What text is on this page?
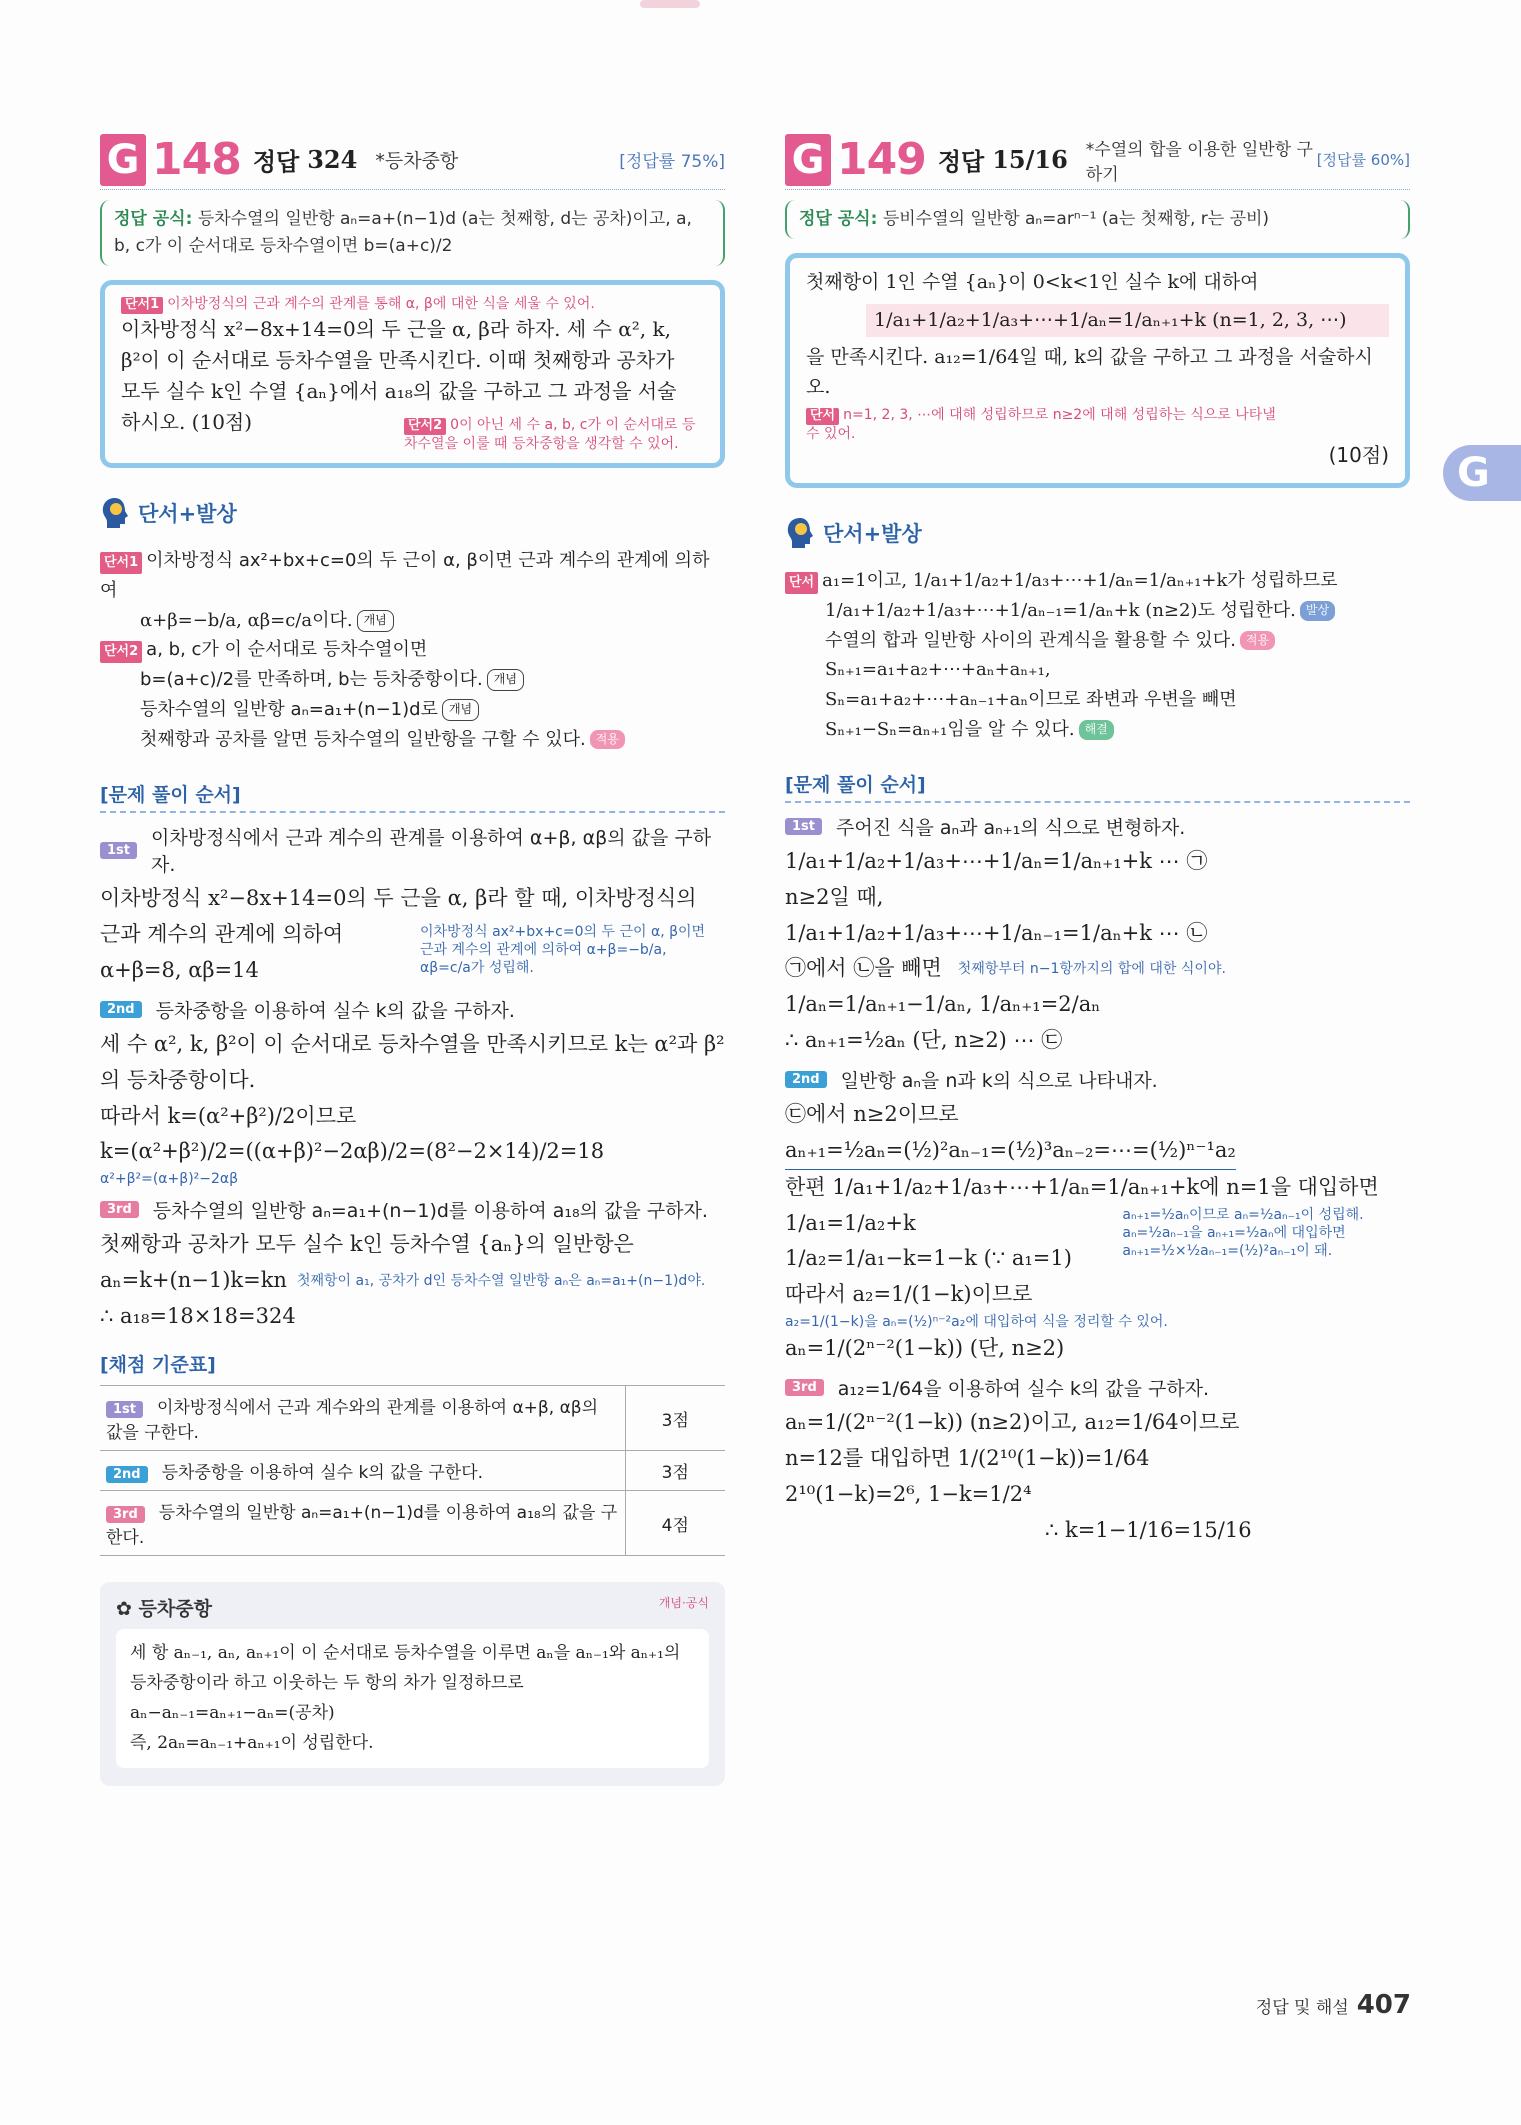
G 148 정답 324 *등차중항	[정답률 75%]
정답 공식: 등차수열의 일반항 aₙ=a+(n−1)d (a는 첫째항, d는 공차)이고, a, b, c가 이 순서대로 등차수열이면 b=(a+c)/2
단서1 이차방정식의 근과 계수의 관계를 통해 α, β에 대한 식을 세울 수 있어.
이차방정식 x²−8x+14=0의 두 근을 α, β라 하자. 세 수 α², k, β²이 이 순서대로 등차수열을 만족시킨다. 이때 첫째항과 공차가 모두 실수 k인 수열 {aₙ}에서 a₁₈의 값을 구하고 그 과정을 서술하시오. (10점)	단서2 0이 아닌 세 수 a, b, c가 이 순서대로 등차수열을 이룰 때 등차중항을 생각할 수 있어.
단서+발상
단서1 이차방정식 ax²+bx+c=0의 두 근이 α, β이면 근과 계수의 관계에 의하여
α+β=−b/a, αβ=c/a이다. 개념
단서2 a, b, c가 이 순서대로 등차수열이면
b=(a+c)/2를 만족하며, b는 등차중항이다. 개념
등차수열의 일반항 aₙ=a₁+(n−1)d로 개념
첫째항과 공차를 알면 등차수열의 일반항을 구할 수 있다. 적용
[문제 풀이 순서]
1st
이차방정식에서 근과 계수의 관계를 이용하여 α+β, αβ의 값을 구하자.
이차방정식 x²−8x+14=0의 두 근을 α, β라 할 때, 이차방정식의
근과 계수의 관계에 의하여
α+β=8, αβ=14
이차방정식 ax²+bx+c=0의 두 근이 α, β이면 근과 계수의 관계에 의하여 α+β=−b/a, αβ=c/a가 성립해.
2nd	등차중항을 이용하여 실수 k의 값을 구하자.
세 수 α², k, β²이 이 순서대로 등차수열을 만족시키므로 k는 α²과 β²의 등차중항이다.
따라서 k=(α²+β²)/2이므로
k=(α²+β²)/2=((α+β)²−2αβ)/2=(8²−2×14)/2=18
α²+β²=(α+β)²−2αβ
3rd	등차수열의 일반항 aₙ=a₁+(n−1)d를 이용하여 a₁₈의 값을 구하자.
첫째항과 공차가 모두 실수 k인 등차수열 {aₙ}의 일반항은
aₙ=k+(n−1)k=kn 첫째항이 a₁, 공차가 d인 등차수열 일반항 aₙ은 aₙ=a₁+(n−1)d야.
∴ a₁₈=18×18=324
[채점 기준표]
1st 이차방정식에서 근과 계수와의 관계를 이용하여 α+β, αβ의 값을 구한다.	3점
2nd 등차중항을 이용하여 실수 k의 값을 구한다.	3점
3rd 등차수열의 일반항 aₙ=a₁+(n−1)d를 이용하여 a₁₈의 값을 구한다.	4점
✿ 등차중항	개념·공식
세 항 aₙ₋₁, aₙ, aₙ₊₁이 이 순서대로 등차수열을 이루면 aₙ을 aₙ₋₁와 aₙ₊₁의 등차중항이라 하고 이웃하는 두 항의 차가 일정하므로
aₙ−aₙ₋₁=aₙ₊₁−aₙ=(공차)
즉, 2aₙ=aₙ₋₁+aₙ₊₁이 성립한다.
G 149 정답 15/16 *수열의 합을 이용한 일반항 구하기
[정답률 60%]
정답 공식: 등비수열의 일반항 aₙ=arⁿ⁻¹ (a는 첫째항, r는 공비)
첫째항이 1인 수열 {aₙ}이 0<k<1인 실수 k에 대하여
1/a₁+1/a₂+1/a₃+⋯+1/aₙ=1/aₙ₊₁+k (n=1, 2, 3, ⋯)
을 만족시킨다. a₁₂=1/64일 때, k의 값을 구하고 그 과정을 서술하시오.
단서 n=1, 2, 3, ⋯에 대해 성립하므로 n≥2에 대해 성립하는 식으로 나타낼 수 있어.
(10점)
단서+발상
단서 a₁=1이고, 1/a₁+1/a₂+1/a₃+⋯+1/aₙ=1/aₙ₊₁+k가 성립하므로
1/a₁+1/a₂+1/a₃+⋯+1/aₙ₋₁=1/aₙ+k (n≥2)도 성립한다. 발상
수열의 합과 일반항 사이의 관계식을 활용할 수 있다. 적용
Sₙ₊₁=a₁+a₂+⋯+aₙ+aₙ₊₁,
Sₙ=a₁+a₂+⋯+aₙ₋₁+aₙ이므로 좌변과 우변을 빼면
Sₙ₊₁−Sₙ=aₙ₊₁임을 알 수 있다. 해결
[문제 풀이 순서]
1st	주어진 식을 aₙ과 aₙ₊₁의 식으로 변형하자.
1/a₁+1/a₂+1/a₃+⋯+1/aₙ=1/aₙ₊₁+k ⋯ ㉠
n≥2일 때,
1/a₁+1/a₂+1/a₃+⋯+1/aₙ₋₁=1/aₙ+k ⋯ ㉡
㉠에서 ㉡을 빼면 첫째항부터 n−1항까지의 합에 대한 식이야.
1/aₙ=1/aₙ₊₁−1/aₙ, 1/aₙ₊₁=2/aₙ
∴ aₙ₊₁=½aₙ (단, n≥2) ⋯ ㉢
2nd	일반항 aₙ을 n과 k의 식으로 나타내자.
㉢에서 n≥2이므로
aₙ₊₁=½aₙ=(½)²aₙ₋₁=(½)³aₙ₋₂=⋯=(½)ⁿ⁻¹a₂
한편 1/a₁+1/a₂+1/a₃+⋯+1/aₙ=1/aₙ₊₁+k에 n=1을 대입하면
1/a₁=1/a₂+k
1/a₂=1/a₁−k=1−k (∵ a₁=1)
aₙ₊₁=½aₙ이므로 aₙ=½aₙ₋₁이 성립해.
aₙ=½aₙ₋₁을 aₙ₊₁=½aₙ에 대입하면
aₙ₊₁=½×½aₙ₋₁=(½)²aₙ₋₁이 돼.
따라서 a₂=1/(1−k)이므로
a₂=1/(1−k)을 aₙ=(½)ⁿ⁻²a₂에 대입하여 식을 정리할 수 있어.
aₙ=1/(2ⁿ⁻²(1−k)) (단, n≥2)
3rd	a₁₂=1/64을 이용하여 실수 k의 값을 구하자.
aₙ=1/(2ⁿ⁻²(1−k)) (n≥2)이고, a₁₂=1/64이므로
n=12를 대입하면 1/(2¹⁰(1−k))=1/64
2¹⁰(1−k)=2⁶, 1−k=1/2⁴
∴ k=1−1/16=15/16
G
정답 및 해설 407
